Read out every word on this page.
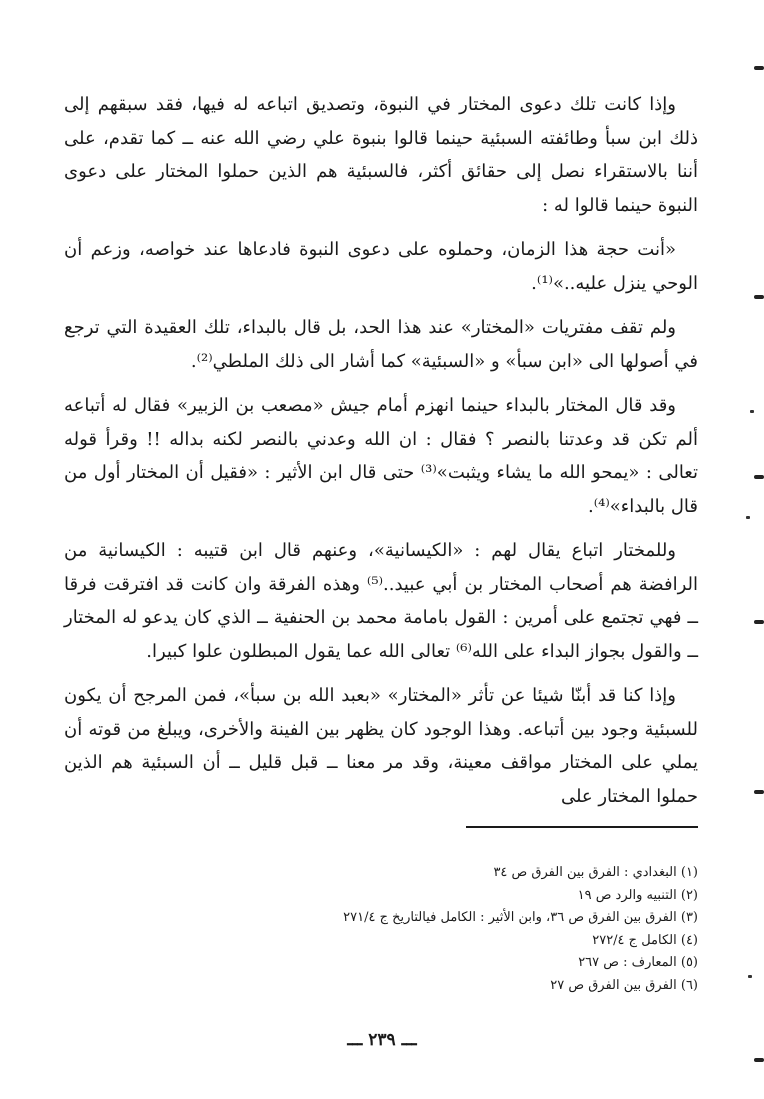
وإذا كانت تلك دعوى المختار في النبوة، وتصديق اتباعه له فيها، فقد سبقهم إلى ذلك ابن سبأ وطائفته السبئية حينما قالوا بنبوة علي رضي الله عنه ــ كما تقدم، على أننا بالاستقراء نصل إلى حقائق أكثر، فالسبئية هم الذين حملوا المختار على دعوى النبوة حينما قالوا له :

«أنت حجة هذا الزمان، وحملوه على دعوى النبوة فادعاها عند خواصه، وزعم أن الوحي ينزل عليه..»⁽¹⁾.

ولم تقف مفتريات «المختار» عند هذا الحد، بل قال بالبداء، تلك العقيدة التي ترجع في أصولها الى «ابن سبأ» و «السبئية» كما أشار الى ذلك الملطي⁽²⁾.

وقد قال المختار بالبداء حينما انهزم أمام جيش «مصعب بن الزبير» فقال له أتباعه ألم تكن قد وعدتنا بالنصر ؟ فقال : ان الله وعدني بالنصر لكنه بداله !! وقرأ قوله تعالى : «يمحو الله ما يشاء ويثبت»⁽³⁾ حتى قال ابن الأثير : «فقيل أن المختار أول من قال بالبداء»⁽⁴⁾.

وللمختار اتباع يقال لهم : «الكيسانية»، وعنهم قال ابن قتيبه : الكيسانية من الرافضة هم أصحاب المختار بن أبي عبيد..⁽⁵⁾ وهذه الفرقة وان كانت قد افترقت فرقا ــ فهي تجتمع على أمرين : القول بامامة محمد بن الحنفية ــ الذي كان يدعو له المختار ــ والقول بجواز البداء على الله⁽⁶⁾ تعالى الله عما يقول المبطلون علوا كبيرا.

وإذا كنا قد أبنّا شيئا عن تأثر «المختار» «بعبد الله بن سبأ»، فمن المرجح أن يكون للسبئية وجود بين أتباعه. وهذا الوجود كان يظهر بين الفينة والأخرى، ويبلغ من قوته أن يملي على المختار مواقف معينة، وقد مر معنا ــ قبل قليل ــ أن السبئية هم الذين حملوا المختار على

(١) البغدادي : الفرق بين الفرق ص ٣٤
(٢) التنبيه والرد ص ١٩
(٣) الفرق بين الفرق ص ٣٦، وابن الأثير : الكامل فيالتاريخ ج ٢٧١/٤
(٤) الكامل ج ٢٧٢/٤
(٥) المعارف : ص ٢٦٧
(٦) الفرق بين الفرق ص ٢٧
ـــ ٢٣٩ ـــ
